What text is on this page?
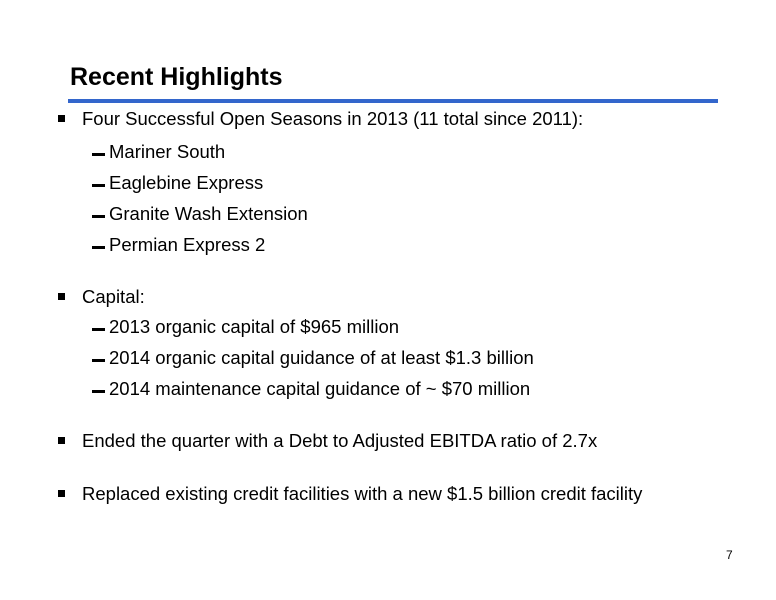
Recent Highlights
Four Successful Open Seasons in 2013 (11 total since 2011):
Mariner South
Eaglebine Express
Granite Wash Extension
Permian Express 2
Capital:
2013 organic capital of $965 million
2014 organic capital guidance of at least $1.3 billion
2014 maintenance capital guidance of ~ $70 million
Ended the quarter with a Debt to Adjusted EBITDA ratio of 2.7x
Replaced existing credit facilities with a new $1.5 billion credit facility
7
